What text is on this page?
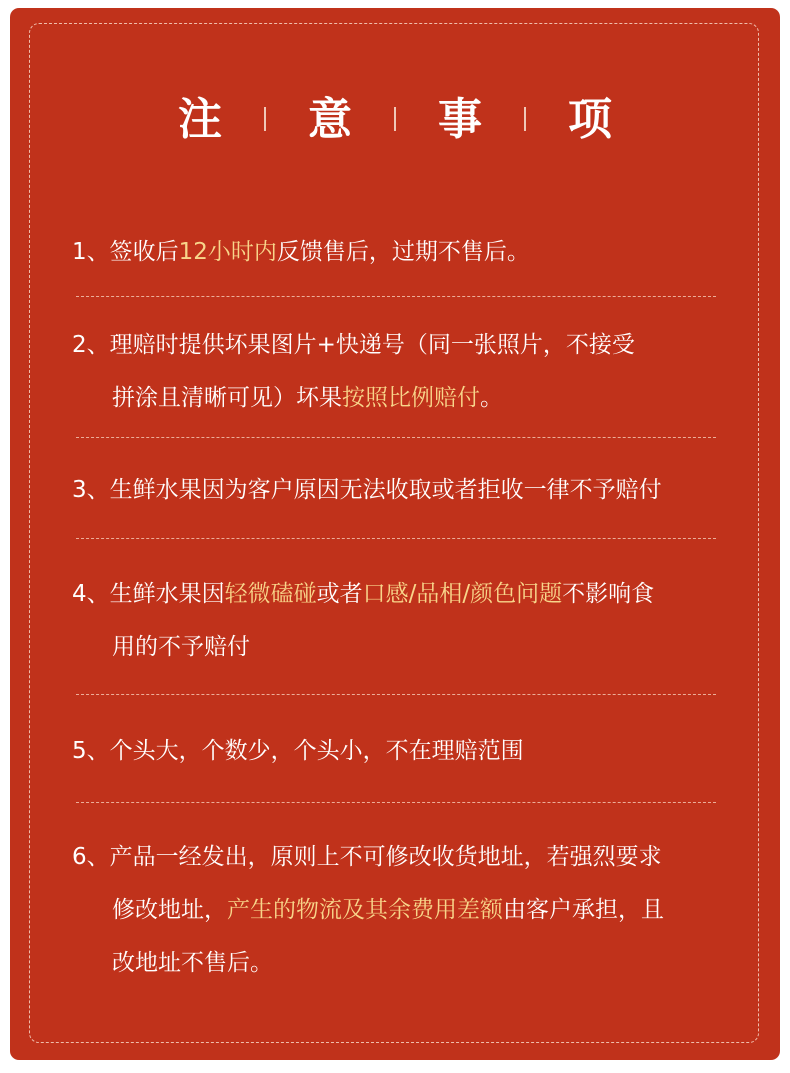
注 意 事 项
1、签收后12小时内反馈售后，过期不售后。
2、理赔时提供坏果图片+快递号（同一张照片，不接受
拼涂且清晰可见）坏果按照比例赔付。
3、生鲜水果因为客户原因无法收取或者拒收一律不予赔付
4、生鲜水果因轻微磕碰或者口感/品相/颜色问题不影响食
用的不予赔付
5、个头大，个数少，个头小，不在理赔范围
6、产品一经发出，原则上不可修改收货地址，若强烈要求
修改地址，产生的物流及其余费用差额由客户承担，且
改地址不售后。
